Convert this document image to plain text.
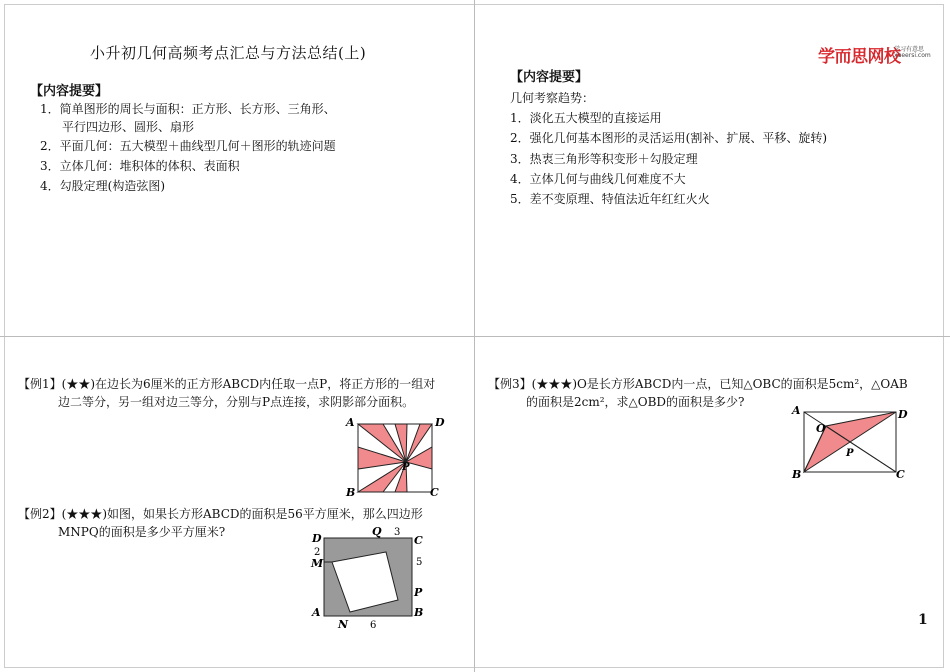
小升初几何高频考点汇总与方法总结(上)
【内容提要】
1．简单图形的周长与面积：正方形、长方形、三角形、
平行四边形、圆形、扇形
2．平面几何：五大模型＋曲线型几何＋图形的轨迹问题
3．立体几何：堆积体的体积、表面积
4．勾股定理(构造弦图)
学而思网校
学习有意思
xueersi.com
【内容提要】
几何考察趋势：
1．淡化五大模型的直接运用
2．强化几何基本图形的灵活运用(割补、扩展、平移、旋转)
3．热衷三角形等积变形＋勾股定理
4．立体几何与曲线几何难度不大
5．差不变原理、特值法近年红红火火
【例1】(★★)在边长为6厘米的正方形ABCD内任取一点P，将正方形的一组对
边二等分，另一组对边三等分，分别与P点连接，求阴影部分面积。
A	D
B	C
P
【例2】(★★★)如图，如果长方形ABCD的面积是56平方厘米，那么四边形
MNPQ的面积是多少平方厘米?	D
Q 3
C
2
M	5
P
A	B
N 6
【例3】(★★★)O是长方形ABCD内一点，已知△OBC的面积是5cm²，△OAB
的面积是2cm²，求△OBD的面积是多少?
A	D
O
P
B	C
1
